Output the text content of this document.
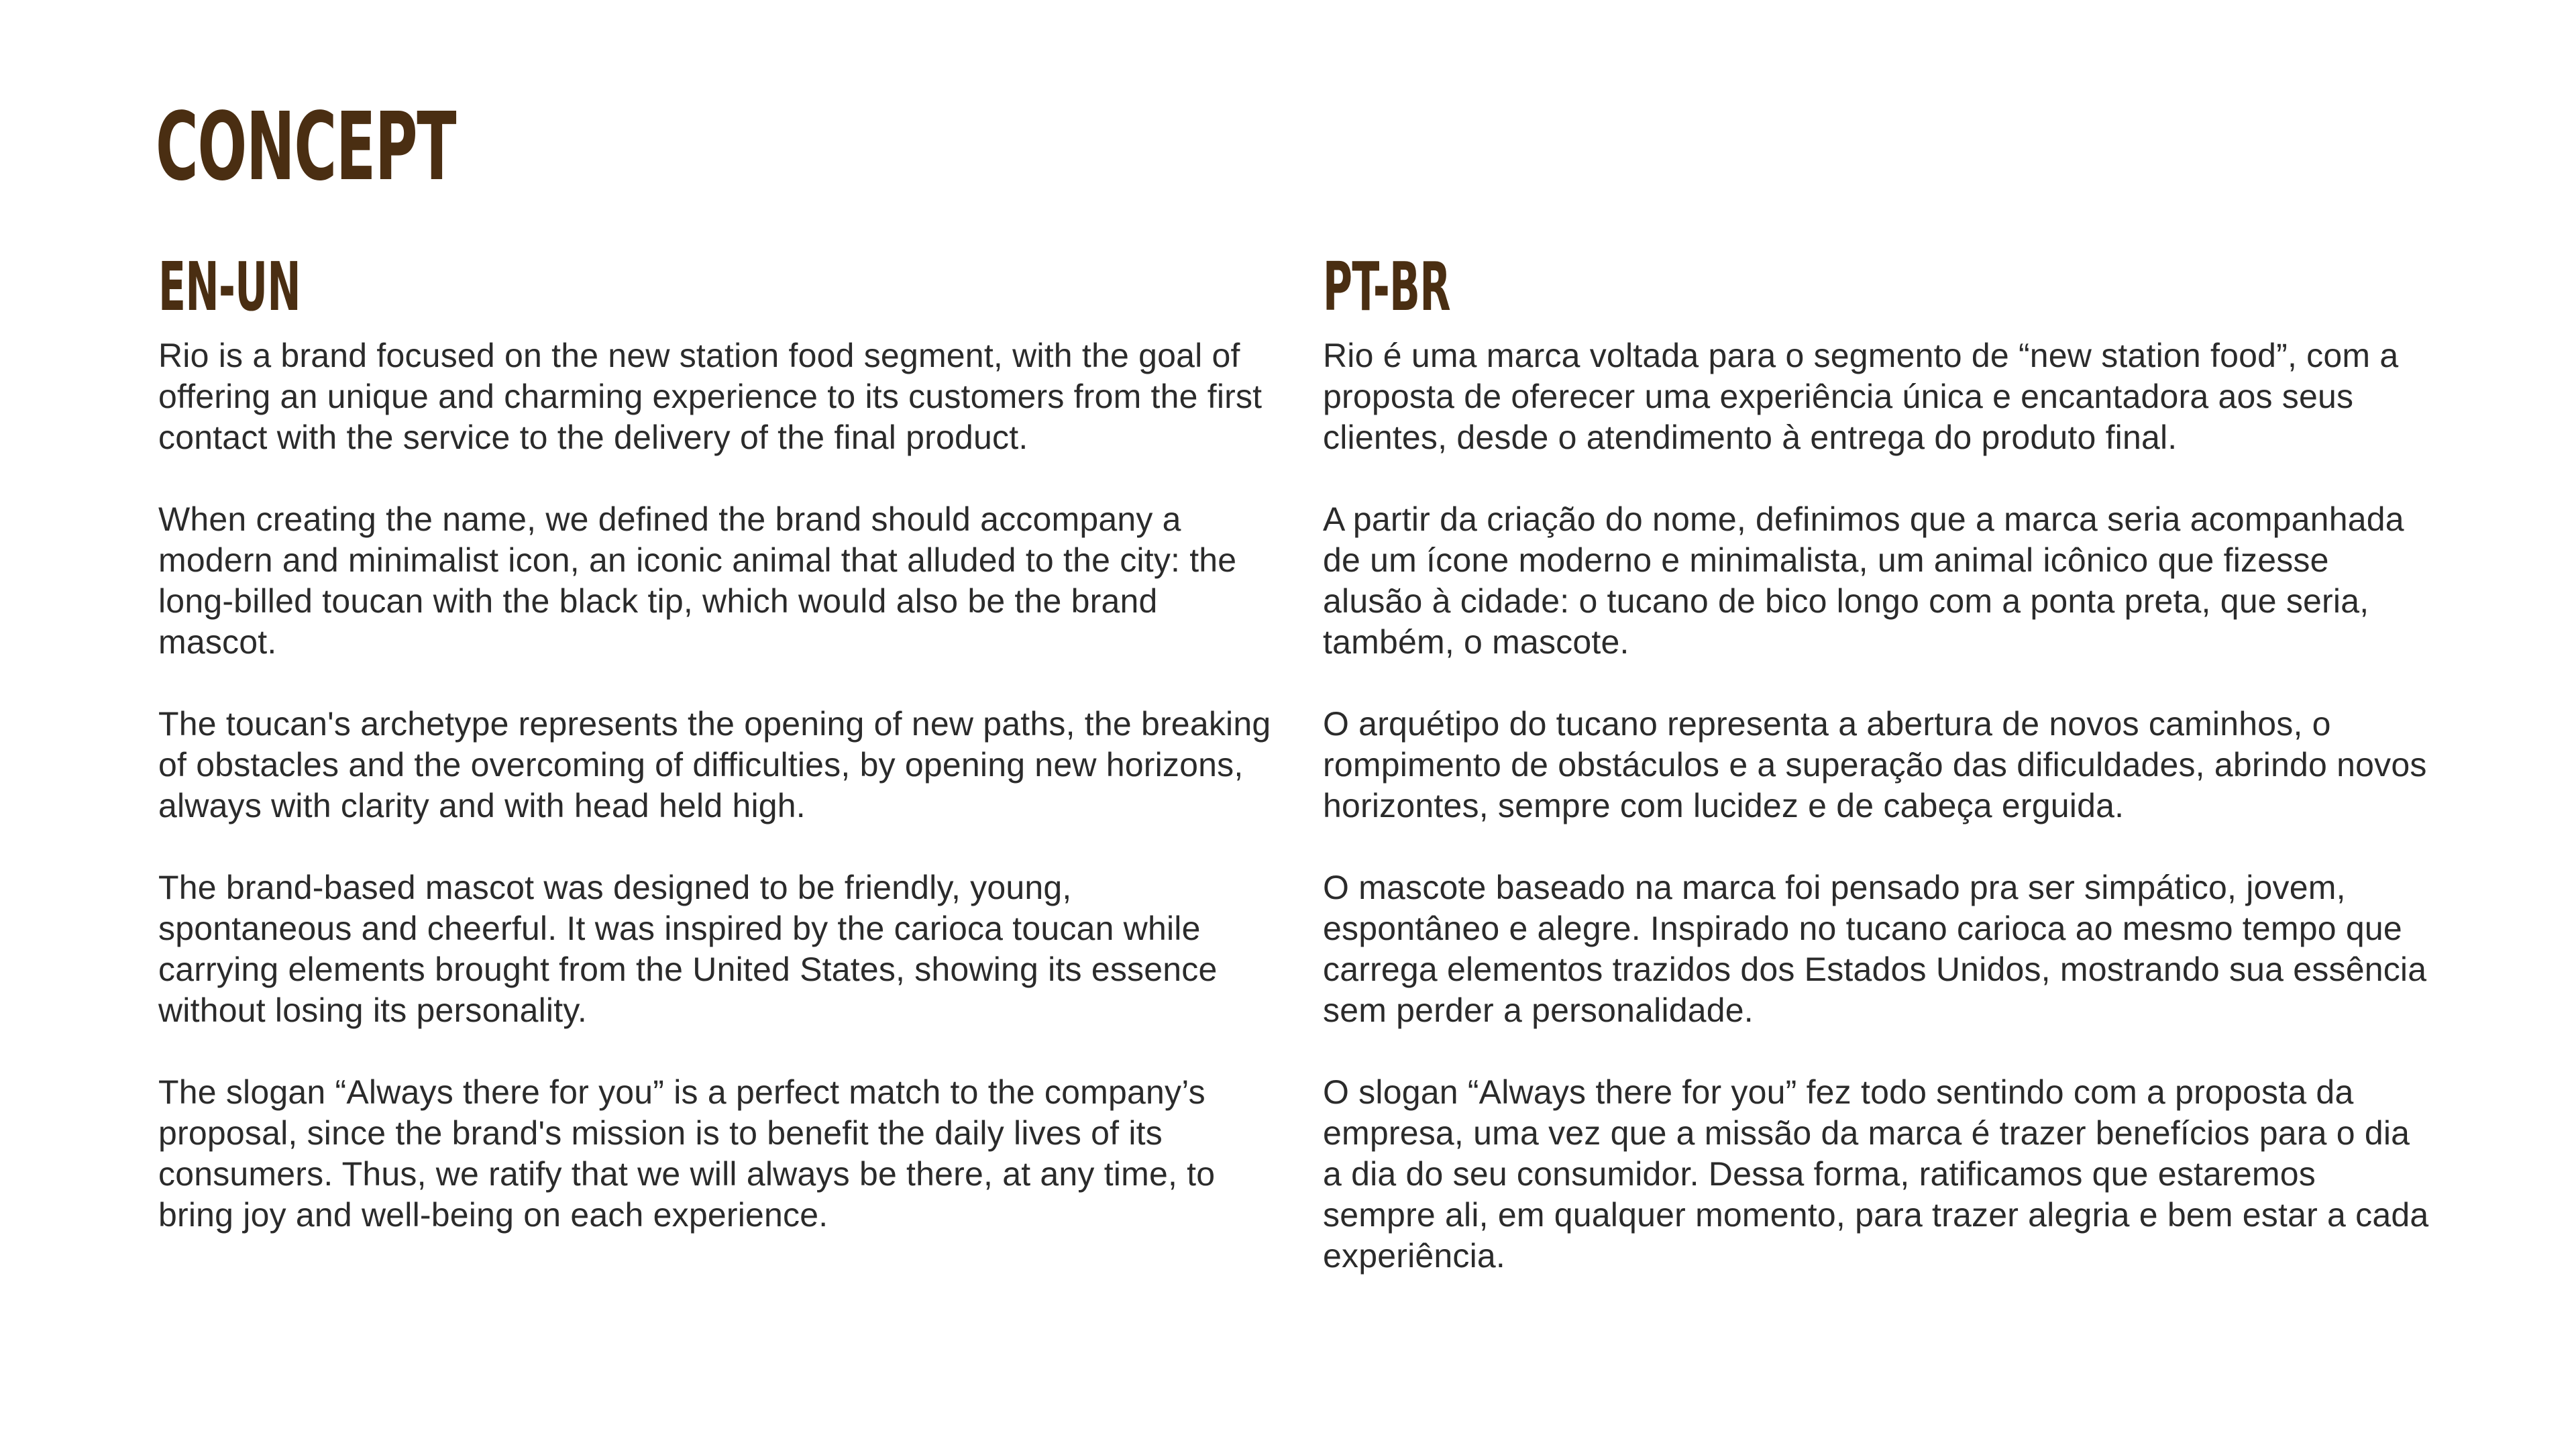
CONCEPT
EN-UN

Rio is a brand focused on the new station food segment, with the goal of offering an unique and charming experience to its customers from the first contact with the service to the delivery of the final product.

When creating the name, we defined the brand should accompany a modern and minimalist icon, an iconic animal that alluded to the city: the long-billed toucan with the black tip, which would also be the brand mascot.

The toucan's archetype represents the opening of new paths, the breaking of obstacles and the overcoming of difficulties, by opening new horizons, always with clarity and with head held high.

The brand-based mascot was designed to be friendly, young, spontaneous and cheerful. It was inspired by the carioca toucan while carrying elements brought from the United States, showing its essence without losing its personality.

The slogan “Always there for you” is a perfect match to the company’s proposal, since the brand's mission is to benefit the daily lives of its consumers. Thus, we ratify that we will always be there, at any time, to bring joy and well-being on each experience.

PT-BR

Rio é uma marca voltada para o segmento de “new station food”, com a proposta de oferecer uma experiência única e encantadora aos seus clientes, desde o atendimento à entrega do produto final.

A partir da criação do nome, definimos que a marca seria acompanhada de um ícone moderno e minimalista, um animal icônico que fizesse alusão à cidade: o tucano de bico longo com a ponta preta, que seria, também, o mascote.

O arquétipo do tucano representa a abertura de novos caminhos, o rompimento de obstáculos e a superação das dificuldades, abrindo novos horizontes, sempre com lucidez e de cabeça erguida.

O mascote baseado na marca foi pensado pra ser simpático, jovem, espontâneo e alegre. Inspirado no tucano carioca ao mesmo tempo que carrega elementos trazidos dos Estados Unidos, mostrando sua essência sem perder a personalidade.

O slogan “Always there for you” fez todo sentindo com a proposta da empresa, uma vez que a missão da marca é trazer benefícios para o dia a dia do seu consumidor. Dessa forma, ratificamos que estaremos sempre ali, em qualquer momento, para trazer alegria e bem estar a cada experiência.
